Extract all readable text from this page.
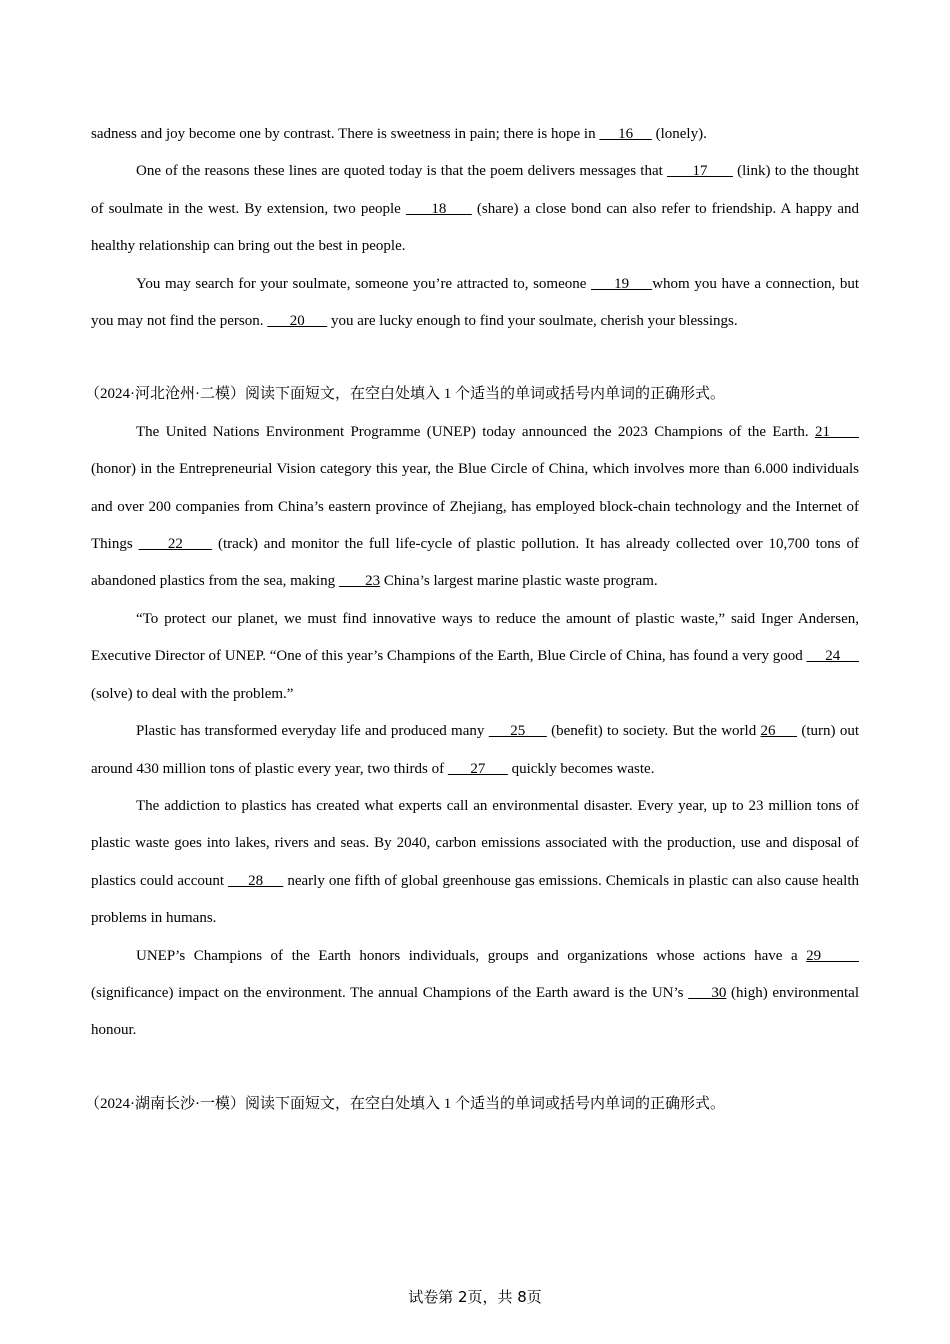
sadness and joy become one by contrast. There is sweetness in pain; there is hope in      16      (lonely).

One of the reasons these lines are quoted today is that the poem delivers messages that       17       (link) to the thought of soulmate in the west. By extension, two people      18      (share) a close bond can also refer to friendship. A happy and healthy relationship can bring out the best in people.

You may search for your soulmate, someone you’re attracted to, someone      19     whom you have a connection, but you may not find the person.       20       you are lucky enough to find your soulmate, cherish your blessings.

（2024·河北沧州·二模）阅读下面短文，在空白处填入 1 个适当的单词或括号内单词的正确形式。

The United Nations Environment Programme (UNEP) today announced the 2023 Champions of the Earth. 21      (honor) in the Entrepreneurial Vision category this year, the Blue Circle of China, which involves more than 6.000 individuals and over 200 companies from China’s eastern province of Zhejiang, has employed block-chain technology and the Internet of Things      22      (track) and monitor the full life-cycle of plastic pollution. It has already collected over 10,700 tons of abandoned plastics from the sea, making        23 China’s largest marine plastic waste program.

“To protect our planet, we must find innovative ways to reduce the amount of plastic waste,” said Inger Andersen, Executive Director of UNEP. “One of this year’s Champions of the Earth, Blue Circle of China, has found a very good      24      (solve) to deal with the problem.”

Plastic has transformed everyday life and produced many      25      (benefit) to society. But the world 26      (turn) out around 430 million tons of plastic every year, two thirds of       27       quickly becomes waste.

The addiction to plastics has created what experts call an environmental disaster. Every year, up to 23 million tons of plastic waste goes into lakes, rivers and seas. By 2040, carbon emissions associated with the production, use and disposal of plastics could account      28      nearly one fifth of global greenhouse gas emissions. Chemicals in plastic can also cause health problems in humans.

UNEP’s Champions of the Earth honors individuals, groups and organizations whose actions have a 29      (significance) impact on the environment. The annual Champions of the Earth award is the UN’s      30 (high) environmental honour.

（2024·湖南长沙·一模）阅读下面短文，在空白处填入 1 个适当的单词或括号内单词的正确形式。

试卷第 2页，共 8页
